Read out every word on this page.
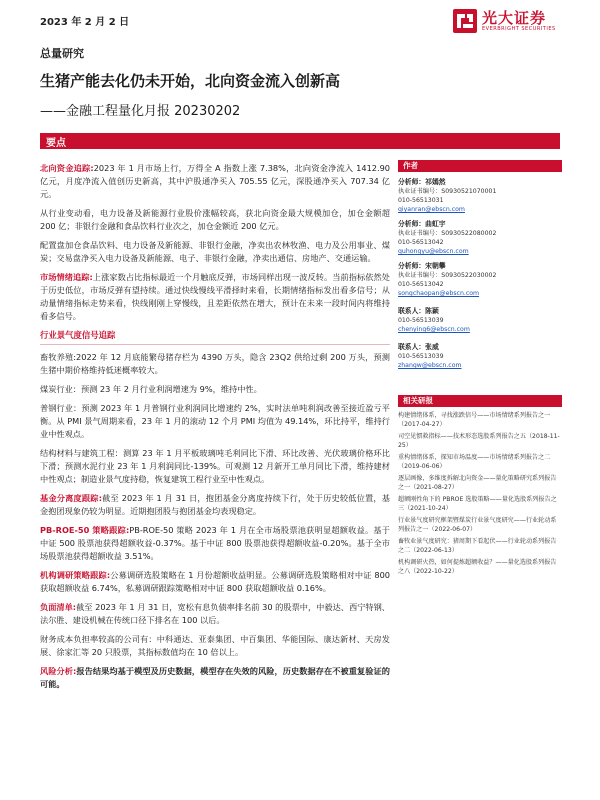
2023 年 2 月 2 日	光大证券
EVERBRIGHT SECURITIES
总量研究
生猪产能去化仍未开始，北向资金流入创新高
——金融工程量化月报 20230202
要点

北向资金追踪:2023 年 1 月市场上行，万得全 A 指数上涨 7.38%，北向资金净流入 1412.90 亿元，月度净流入值创历史新高，其中沪股通净买入 705.55 亿元，深股通净买入 707.34 亿元。

从行业变动看，电力设备及新能源行业股价涨幅较高，获北向资金最大规模加仓，加仓金额超 200 亿；非银行金融和食品饮料行业次之，加仓金额近 200 亿元。

配置盘加仓食品饮料、电力设备及新能源、非银行金融，净卖出农林牧渔、电力及公用事业、煤炭；交易盘净买入电力设备及新能源、电子、非银行金融，净卖出通信、房地产、交通运输。

市场情绪追踪:上涨家数占比指标最近一个月触底反弹，市场同样出现一波反转。当前指标依然处于历史低位，市场反弹有望持续。通过快线慢线平滑择时来看，长期情绪指标发出看多信号；从动量情绪指标走势来看，快线刚刚上穿慢线，且差距依然在增大，预计在未来一段时间内将维持看多信号。

行业景气度信号追踪

畜牧养殖:2022 年 12 月底能繁母猪存栏为 4390 万头，隐含 23Q2 供给过剩 200 万头，预测生猪中期价格维持低迷概率较大。

煤炭行业：预测 23 年 2 月行业利润增速为 9%，维持中性。

普钢行业：预测 2023 年 1 月普钢行业利润同比增速约 2%，实时法单吨利润改善至接近盈亏平衡。从 PMI 景气周期来看，23 年 1 月的滚动 12 个月 PMI 均值为 49.14%，环比持平，维持行业中性观点。

结构材料与建筑工程：测算 23 年 1 月平板玻璃吨毛利同比下滑、环比改善、光伏玻璃价格环比下滑；预测水泥行业 23 年 1 月利润同比-139%。可观测 12 月新开工单月同比下滑，维持建材中性观点；制造业景气度持稳，恢复建筑工程行业至中性观点。

基金分离度跟踪:截至 2023 年 1 月 31 日，抱团基金分离度持续下行，处于历史较低位置，基金抱团现象仍较为明显。近期抱团股与抱团基金均表现稳定。

PB-ROE-50 策略跟踪:PB-ROE-50 策略 2023 年 1 月在全市场股票池获明显超额收益。基于中证 500 股票池获得超额收益-0.37%。基于中证 800 股票池获得超额收益-0.20%。基于全市场股票池获得超额收益 3.51%。

机构调研策略跟踪:公募调研选股策略在 1 月份超额收益明显。公募调研选股策略相对中证 800 获取超额收益 6.74%，私募调研跟踪策略相对中证 800 获取超额收益 0.16%。

负面清单:截至 2023 年 1 月 31 日，宽松有息负债率排名前 30 的股票中，中毅达、西宁特钢、法尔胜、建设机械在传统口径下排名在 100 以后。

财务成本负担率较高的公司有：中科通达、亚泰集团、中百集团、华能国际、康达新材、天房发展、徐家汇等 20 只股票，其指标数值均在 10 倍以上。

风险分析:报告结果均基于模型及历史数据，模型存在失效的风险，历史数据存在不被重复验证的可能。

作者
分析师：祁嫣然
执业证书编号：S0930521070001
010-56513031
qiyanran@ebscn.com
分析师：曲虹宇
执业证书编号：S0930522080002
010-56513042
quhongyu@ebscn.com
分析师：宋朝攀
执业证书编号：S0930522030002
010-56513042
songchaopan@ebscn.com
联系人：陈颖
010-56513039
chenying6@ebscn.com
联系人：张威
010-56513039
zhangw@ebscn.com
相关研报
构建情绪体系，寻找涨跌信号——市场情绪系列报告之一（2017-04-27）
司空见惯救指标——技术形态选股系列报告之五（2018-11-25）
重构情绪体系，探知市场温度——市场情绪系列报告之二（2019-06-06）
逐层画像，多维度拆解北向资金——量化策略研究系列报告之一（2021-08-27）
超额刚性角下的 PBROE 选股策略——量化选股系列报告之三（2021-10-24）
行业景气度研究框架暨煤炭行业景气度研究——行业轮动系列报告之一（2022-06-07）
畜牧业景气度研究：猪周期下看起伏——行业轮动系列报告之二（2022-06-13）
机构调研火热，如何提炼超额收益？——量化选股系列报告之八（2022-10-22）
